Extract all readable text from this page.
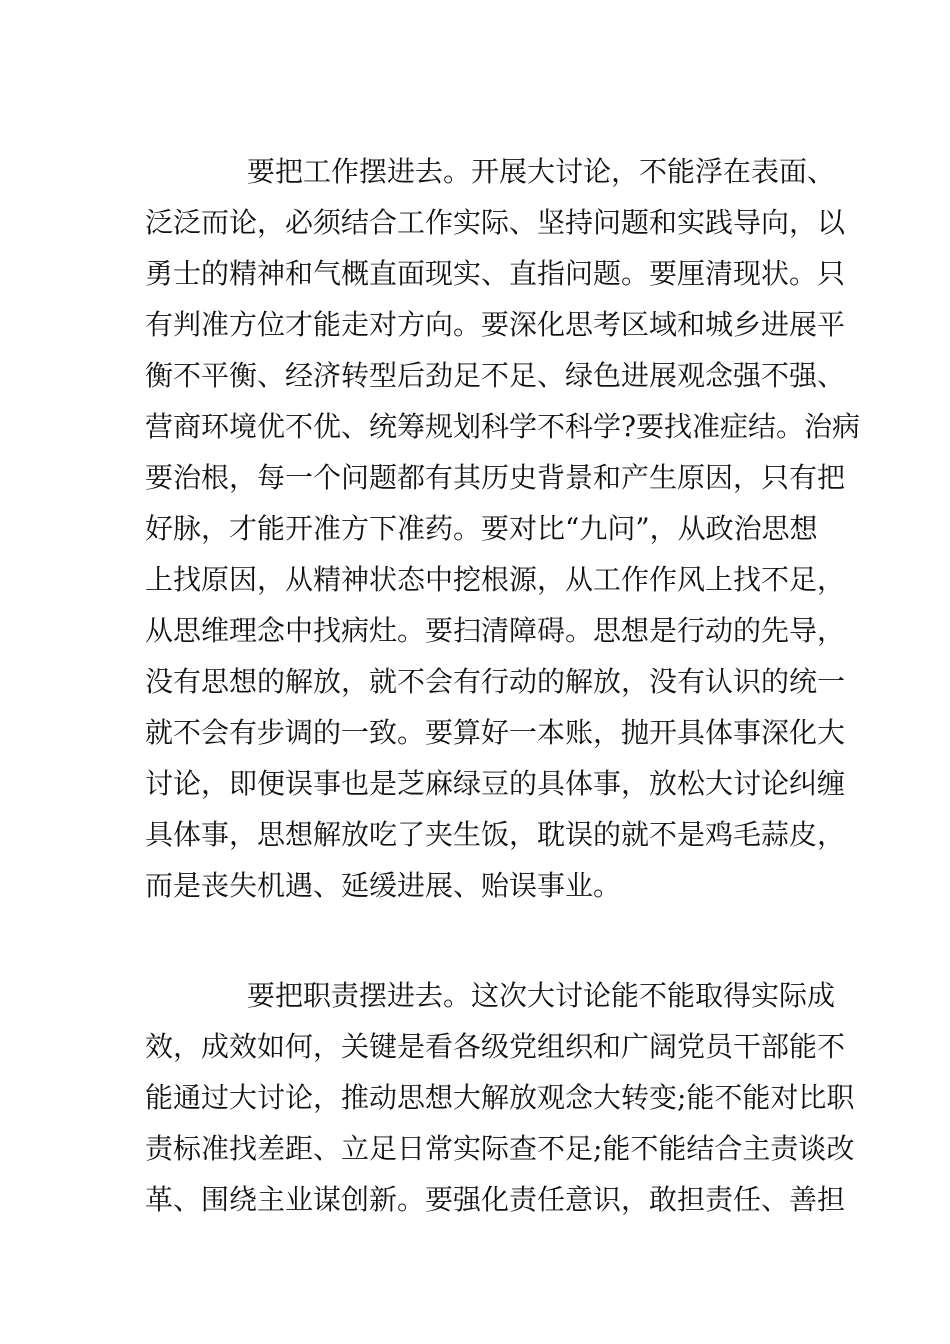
要把工作摆进去。开展大讨论，不能浮在表面、
泛泛而论，必须结合工作实际、坚持问题和实践导向，以
勇士的精神和气概直面现实、直指问题。要厘清现状。只
有判准方位才能走对方向。要深化思考区域和城乡进展平
衡不平衡、经济转型后劲足不足、绿色进展观念强不强、
营商环境优不优、统筹规划科学不科学?要找准症结。治病
要治根，每一个问题都有其历史背景和产生原因，只有把
好脉，才能开准方下准药。要对比“九问”，从政治思想
上找原因，从精神状态中挖根源，从工作作风上找不足，
从思维理念中找病灶。要扫清障碍。思想是行动的先导，
没有思想的解放，就不会有行动的解放，没有认识的统一
就不会有步调的一致。要算好一本账，抛开具体事深化大
讨论，即便误事也是芝麻绿豆的具体事，放松大讨论纠缠
具体事，思想解放吃了夹生饭，耽误的就不是鸡毛蒜皮，
而是丧失机遇、延缓进展、贻误事业。
要把职责摆进去。这次大讨论能不能取得实际成
效，成效如何，关键是看各级党组织和广阔党员干部能不
能通过大讨论，推动思想大解放观念大转变;能不能对比职
责标准找差距、立足日常实际查不足;能不能结合主责谈改
革、围绕主业谋创新。要强化责任意识，敢担责任、善担
